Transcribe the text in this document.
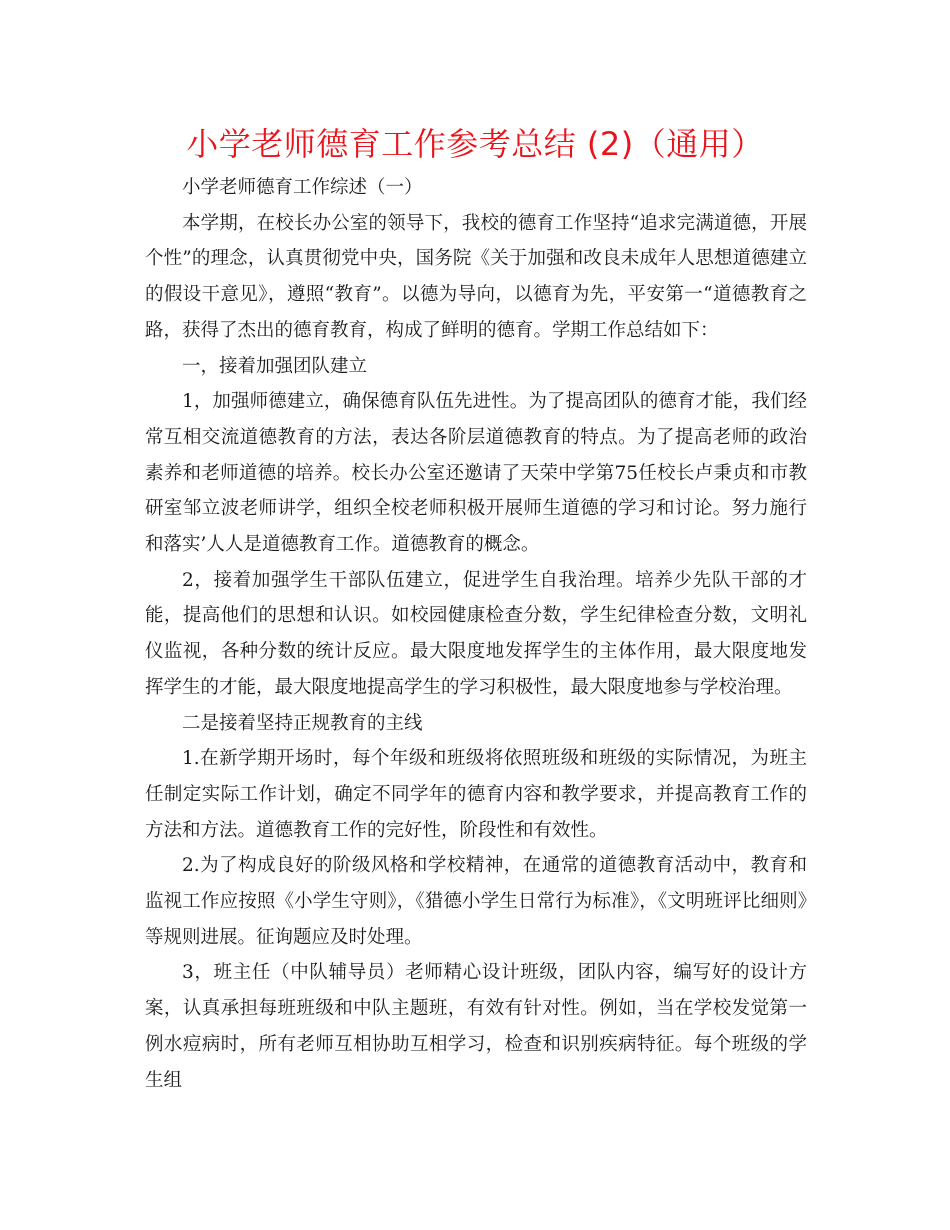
小学老师德育工作参考总结 (2)（通用）

小学老师德育工作综述（一）

本学期，在校长办公室的领导下，我校的德育工作坚持“追求完满道德，开展个性”的理念，认真贯彻党中央，国务院《关于加强和改良未成年人思想道德建立的假设干意见》，遵照“教育”。以德为导向，以德育为先，平安第一“道德教育之路，获得了杰出的德育教育，构成了鲜明的德育。学期工作总结如下：

一，接着加强团队建立

1，加强师德建立，确保德育队伍先进性。为了提高团队的德育才能，我们经常互相交流道德教育的方法，表达各阶层道德教育的特点。为了提高老师的政治素养和老师道德的培养。校长办公室还邀请了天荣中学第75任校长卢秉贞和市教研室邹立波老师讲学，组织全校老师积极开展师生道德的学习和讨论。努力施行和落实’人人是道德教育工作。道德教育的概念。

2，接着加强学生干部队伍建立，促进学生自我治理。培养少先队干部的才能，提高他们的思想和认识。如校园健康检查分数，学生纪律检查分数，文明礼仪监视，各种分数的统计反应。最大限度地发挥学生的主体作用，最大限度地发挥学生的才能，最大限度地提高学生的学习积极性，最大限度地参与学校治理。

二是接着坚持正规教育的主线

1.在新学期开场时，每个年级和班级将依照班级和班级的实际情况，为班主任制定实际工作计划，确定不同学年的德育内容和教学要求，并提高教育工作的方法和方法。道德教育工作的完好性，阶段性和有效性。

2.为了构成良好的阶级风格和学校精神，在通常的道德教育活动中，教育和监视工作应按照《小学生守则》，《猎德小学生日常行为标准》，《文明班评比细则》等规则进展。征询题应及时处理。

3，班主任（中队辅导员）老师精心设计班级，团队内容，编写好的设计方案，认真承担每班班级和中队主题班，有效有针对性。例如，当在学校发觉第一例水痘病时，所有老师互相协助互相学习，检查和识别疾病特征。每个班级的学生组
